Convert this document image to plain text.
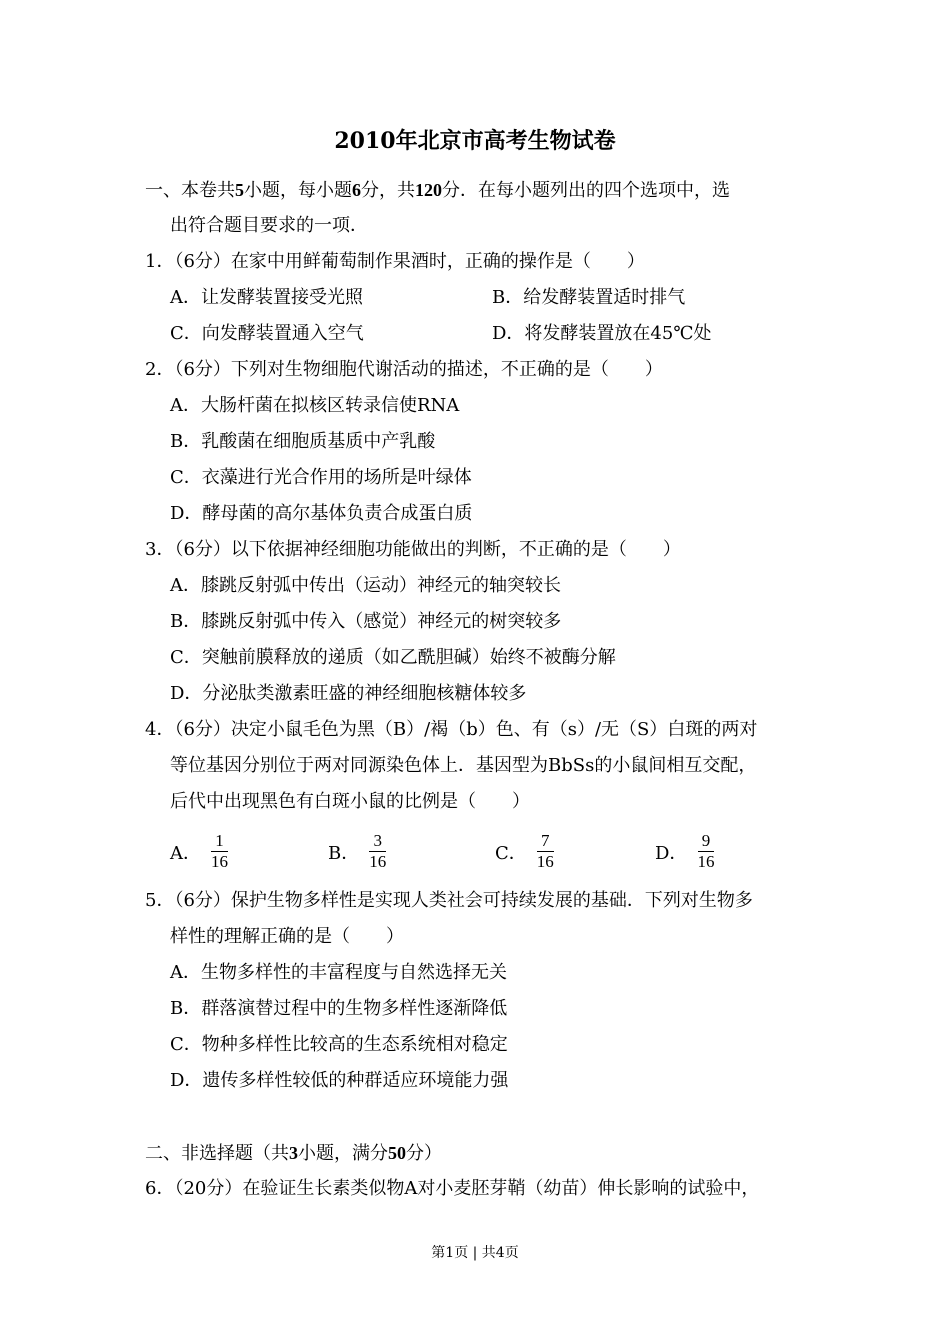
2010年北京市高考生物试卷
一、本卷共5小题，每小题6分，共120分．在每小题列出的四个选项中，选
出符合题目要求的一项．
1．（6分）在家中用鲜葡萄制作果酒时，正确的操作是（　　）
A．让发酵装置接受光照	B．给发酵装置适时排气
C．向发酵装置通入空气	D．将发酵装置放在45℃处
2．（6分）下列对生物细胞代谢活动的描述，不正确的是（　　）
A．大肠杆菌在拟核区转录信使RNA
B．乳酸菌在细胞质基质中产乳酸
C．衣藻进行光合作用的场所是叶绿体
D．酵母菌的高尔基体负责合成蛋白质
3．（6分）以下依据神经细胞功能做出的判断，不正确的是（　　）
A．膝跳反射弧中传出（运动）神经元的轴突较长
B．膝跳反射弧中传入（感觉）神经元的树突较多
C．突触前膜释放的递质（如乙酰胆碱）始终不被酶分解
D．分泌肽类激素旺盛的神经细胞核糖体较多
4．（6分）决定小鼠毛色为黑（B）/褐（b）色、有（s）/无（S）白斑的两对
等位基因分别位于两对同源染色体上．基因型为BbSs的小鼠间相互交配，
后代中出现黑色有白斑小鼠的比例是（　　）
A． $\frac{1}{16}$	B． $\frac{3}{16}$	C． $\frac{7}{16}$	D． $\frac{9}{16}$
5．（6分）保护生物多样性是实现人类社会可持续发展的基础．下列对生物多
样性的理解正确的是（　　）
A．生物多样性的丰富程度与自然选择无关
B．群落演替过程中的生物多样性逐渐降低
C．物种多样性比较高的生态系统相对稳定
D．遗传多样性较低的种群适应环境能力强
二、非选择题（共3小题，满分50分）
6．（20分）在验证生长素类似物A对小麦胚芽鞘（幼苗）伸长影响的试验中，
第1页 | 共4页
